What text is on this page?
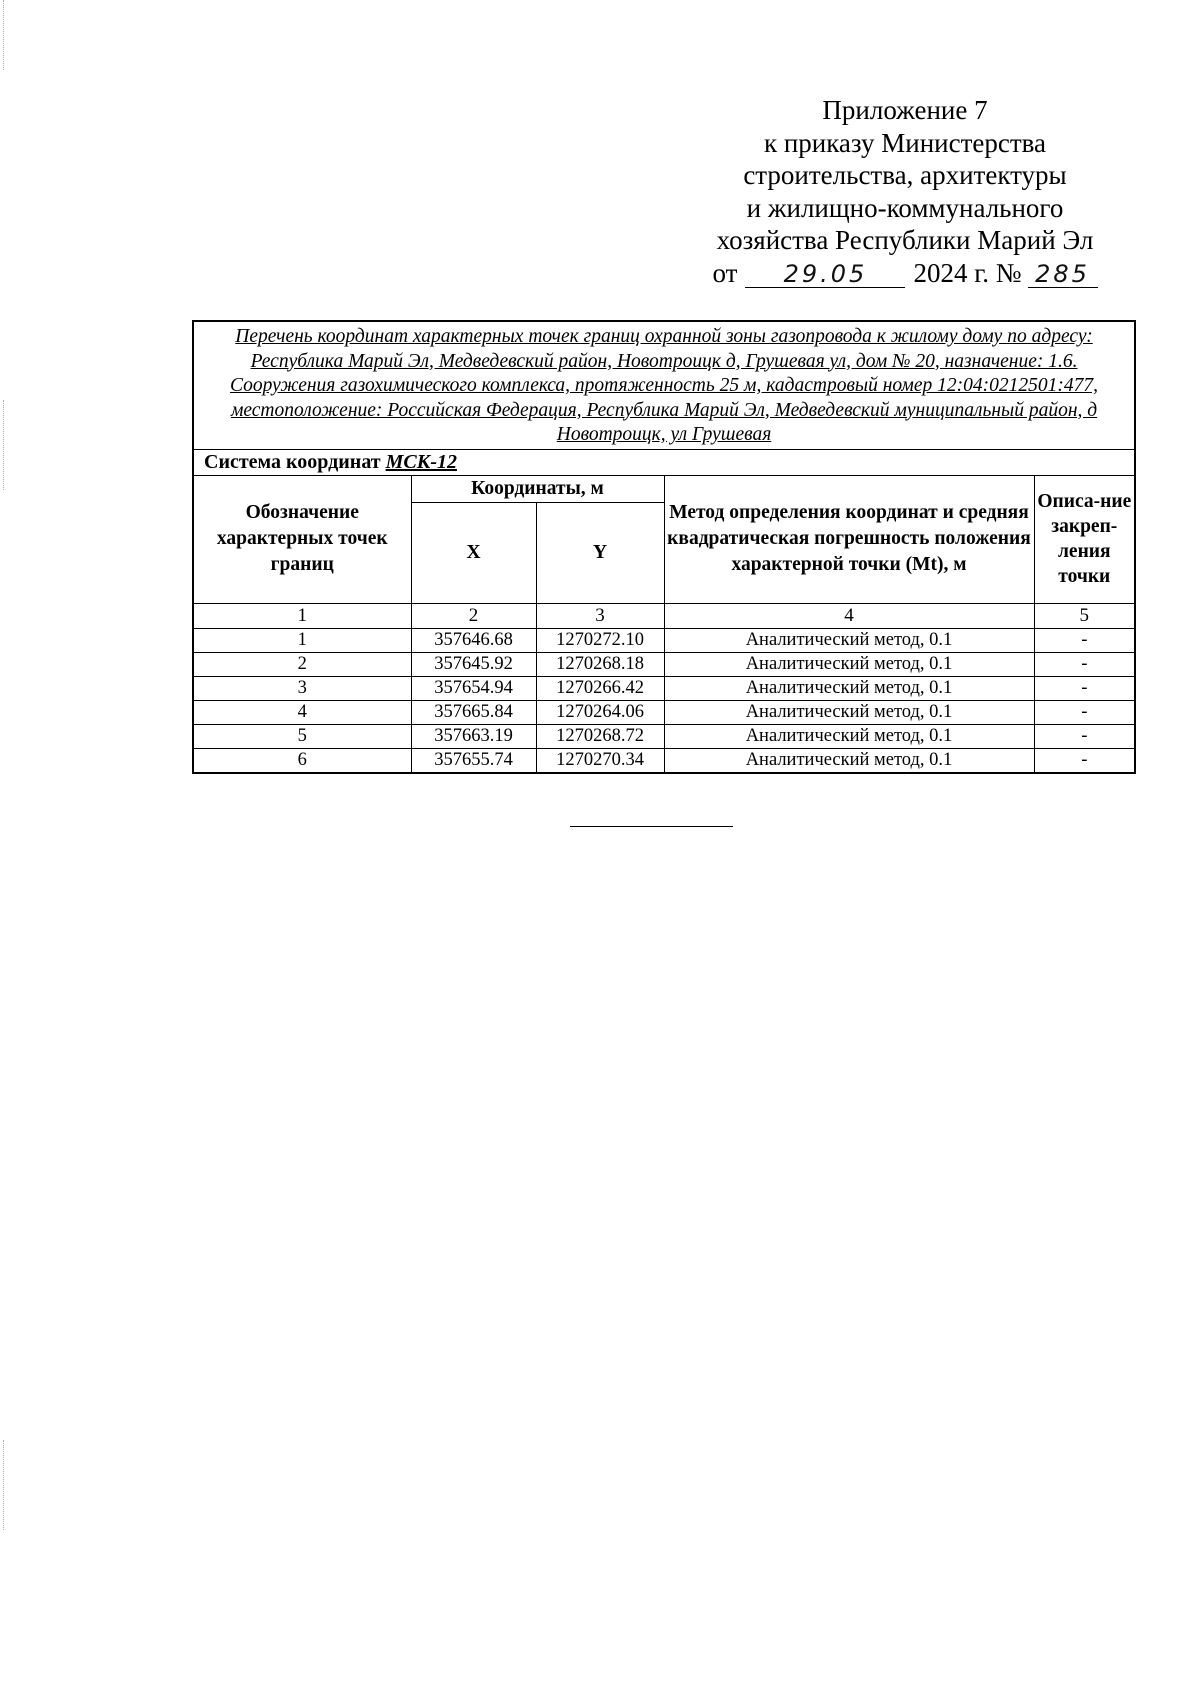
Приложение 7
к приказу Министерства
строительства, архитектуры
и жилищно-коммунального
хозяйства Республики Марий Эл
от 29.05 2024 г. № 285
Перечень координат характерных точек границ охранной зоны газопровода к жилому дому по адресу: Республика Марий Эл, Медведевский район, Новотроицк д, Грушевая ул, дом № 20, назначение: 1.6. Сооружения газохимического комплекса, протяженность 25 м, кадастровый номер 12:04:0212501:477, местоположение: Российская Федерация, Республика Марий Эл, Медведевский муниципальный район, д Новотроицк, ул Грушевая				
Система координат МСК-12				
Обозначение характерных точек границ	Координаты, м		Метод определения координат и средняя квадратическая погрешность положения характерной точки (Mt), м	Описа-ние закреп-ления точки
	X	Y		
1	2	3	4	5
1	357646.68	1270272.10	Аналитический метод, 0.1	-
2	357645.92	1270268.18	Аналитический метод, 0.1	-
3	357654.94	1270266.42	Аналитический метод, 0.1	-
4	357665.84	1270264.06	Аналитический метод, 0.1	-
5	357663.19	1270268.72	Аналитический метод, 0.1	-
6	357655.74	1270270.34	Аналитический метод, 0.1	-
